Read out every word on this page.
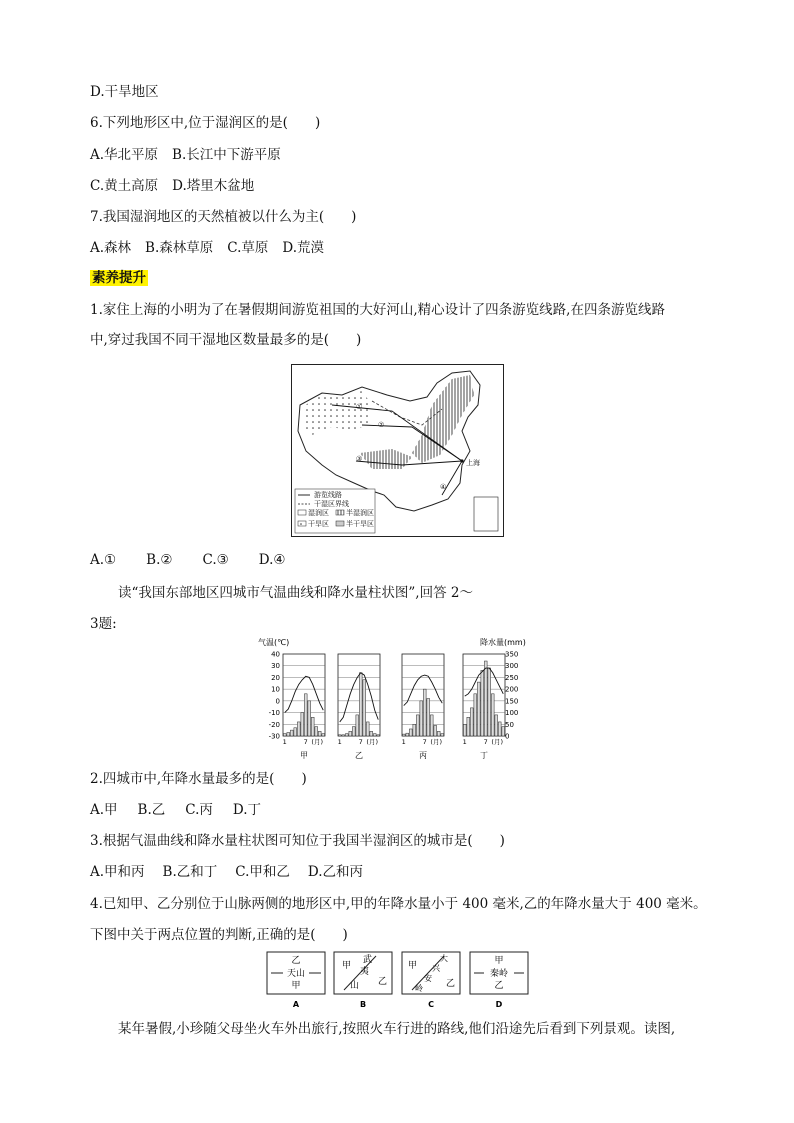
D.干旱地区
6.下列地形区中,位于湿润区的是(　　)
A.华北平原 B.长江中下游平原
C.黄土高原 D.塔里木盆地
7.我国湿润地区的天然植被以什么为主(　　)
A.森林 B.森林草原 C.草原 D.荒漠
素养提升
1.家住上海的小明为了在暑假期间游览祖国的大好河山,精心设计了四条游览线路,在四条游览线路
中,穿过我国不同干湿地区数量最多的是(　　)
①
②
③
④
上海
游览线路
干湿区界线
湿润区 半湿润区
干旱区 半干旱区
A.① B.② C.③ D.④
读“我国东部地区四城市气温曲线和降水量柱状图”,回答 2～
3题:
气温(℃)	降水量(mm)
40
30
20
10
0
-10
-20
-30
350
300
250
200
150
100
50
0
1	7 (月)
甲
1	7 (月)
乙
1	7 (月)
丙
1	7 (月)
丁
2.四城市中,年降水量最多的是(　　)
A.甲 B.乙 C.丙 D.丁
3.根据气温曲线和降水量柱状图可知位于我国半湿润区的城市是(　　)
A.甲和丙 B.乙和丁 C.甲和乙 D.乙和丙
4.已知甲、乙分别位于山脉两侧的地形区中,甲的年降水量小于 400 毫米,乙的年降水量大于 400 毫米。
下图中关于两点位置的判断,正确的是(　　)
乙
天山
甲
A
甲
武
夷
山 乙
B
甲
大
兴
安
岭	乙
C
甲
秦岭
乙
D
某年暑假,小珍随父母坐火车外出旅行,按照火车行进的路线,他们沿途先后看到下列景观。读图,
